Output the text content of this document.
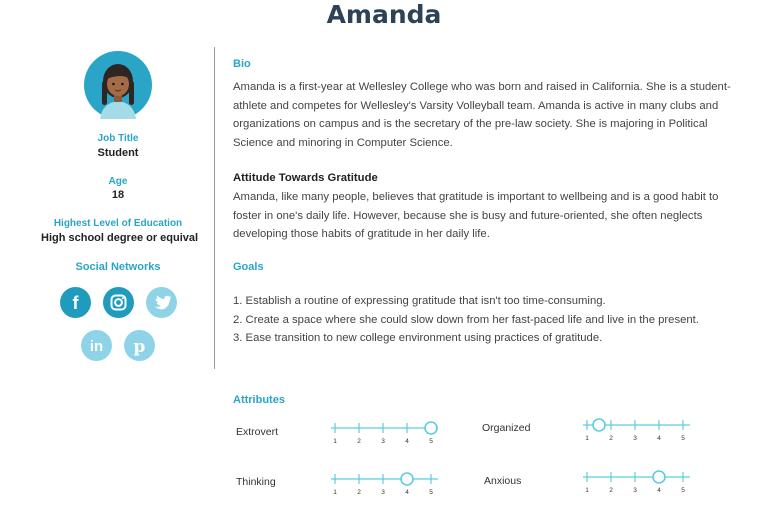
Amanda
Job Title
Student
Age
18
Highest Level of Education
High school degree or equival
Social Networks
f
in p
Bio
Amanda is a first-year at Wellesley College who was born and raised in California. She is a student-athlete and competes for Wellesley's Varsity Volleyball team. Amanda is active in many clubs and organizations on campus and is the secretary of the pre-law society. She is majoring in Political Science and minoring in Computer Science.
Attitude Towards Gratitude
Amanda, like many people, believes that gratitude is important to wellbeing and is a good habit to foster in one's daily life. However, because she is busy and future-oriented, she often neglects developing those habits of gratitude in her daily life.
Goals
1. Establish a routine of expressing gratitude that isn't too time-consuming.
2. Create a space where she could slow down from her fast-paced life and live in the present.
3. Ease transition to new college environment using practices of gratitude.
Attributes
Extrovert
1	2	3	4	5
Organized
1	2	3	4	5
Thinking
1	2	3	4	5
Anxious
1	2	3	4	5
